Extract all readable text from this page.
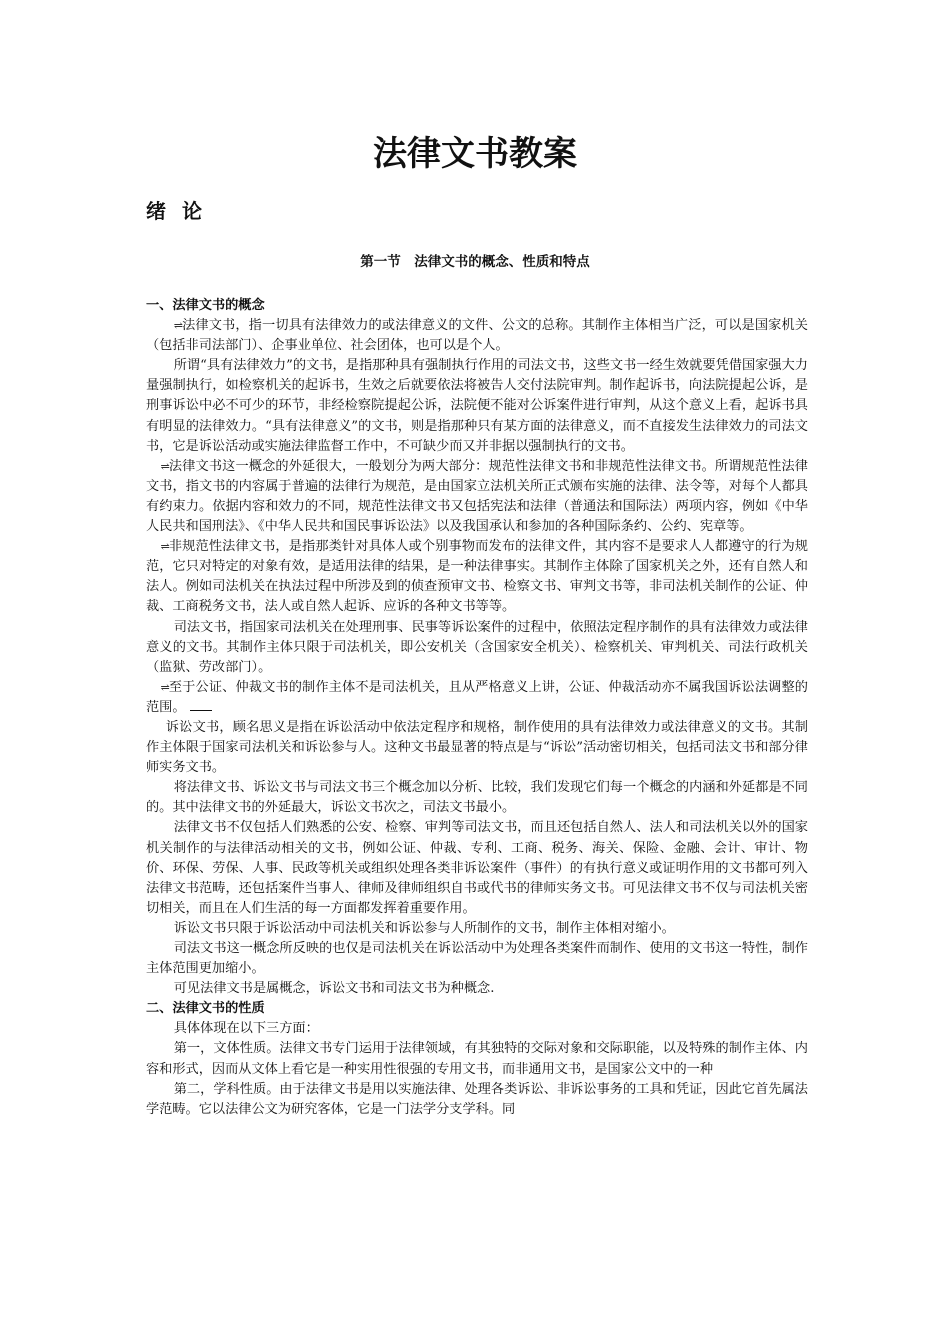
法律文书教案
绪论
第一节　法律文书的概念、性质和特点

一、法律文书的概念

⇌法律文书，指一切具有法律效力的或法律意义的文件、公文的总称。其制作主体相当广泛，可以是国家机关（包括非司法部门）、企事业单位、社会团体，也可以是个人。

所谓“具有法律效力”的文书，是指那种具有强制执行作用的司法文书，这些文书一经生效就要凭借国家强大力量强制执行，如检察机关的起诉书，生效之后就要依法将被告人交付法院审判。制作起诉书，向法院提起公诉，是刑事诉讼中必不可少的环节，非经检察院提起公诉，法院便不能对公诉案件进行审判，从这个意义上看，起诉书具有明显的法律效力。“具有法律意义”的文书，则是指那种只有某方面的法律意义，而不直接发生法律效力的司法文书，它是诉讼活动或实施法律监督工作中，不可缺少而又并非据以强制执行的文书。

⇌法律文书这一概念的外延很大，一般划分为两大部分：规范性法律文书和非规范性法律文书。所谓规范性法律文书，指文书的内容属于普遍的法律行为规范，是由国家立法机关所正式颁布实施的法律、法令等，对每个人都具有约束力。依据内容和效力的不同，规范性法律文书又包括宪法和法律（普通法和国际法）两项内容，例如《中华人民共和国刑法》、《中华人民共和国民事诉讼法》以及我国承认和参加的各种国际条约、公约、宪章等。

⇌非规范性法律文书，是指那类针对具体人或个别事物而发布的法律文件，其内容不是要求人人都遵守的行为规范，它只对特定的对象有效，是适用法律的结果，是一种法律事实。其制作主体除了国家机关之外，还有自然人和法人。例如司法机关在执法过程中所涉及到的侦查预审文书、检察文书、审判文书等，非司法机关制作的公证、仲裁、工商税务文书，法人或自然人起诉、应诉的各种文书等等。

司法文书，指国家司法机关在处理刑事、民事等诉讼案件的过程中，依照法定程序制作的具有法律效力或法律意义的文书。其制作主体只限于司法机关，即公安机关（含国家安全机关）、检察机关、审判机关、司法行政机关（监狱、劳改部门）。

⇌至于公证、仲裁文书的制作主体不是司法机关，且从严格意义上讲，公证、仲裁活动亦不属我国诉讼法调整的范围。

诉讼文书，顾名思义是指在诉讼活动中依法定程序和规格，制作使用的具有法律效力或法律意义的文书。其制作主体限于国家司法机关和诉讼参与人。这种文书最显著的特点是与“诉讼”活动密切相关，包括司法文书和部分律师实务文书。

将法律文书、诉讼文书与司法文书三个概念加以分析、比较，我们发现它们每一个概念的内涵和外延都是不同的。其中法律文书的外延最大，诉讼文书次之，司法文书最小。

法律文书不仅包括人们熟悉的公安、检察、审判等司法文书，而且还包括自然人、法人和司法机关以外的国家机关制作的与法律活动相关的文书，例如公证、仲裁、专利、工商、税务、海关、保险、金融、会计、审计、物价、环保、劳保、人事、民政等机关或组织处理各类非诉讼案件（事件）的有执行意义或证明作用的文书都可列入法律文书范畴，还包括案件当事人、律师及律师组织自书或代书的律师实务文书。可见法律文书不仅与司法机关密切相关，而且在人们生活的每一方面都发挥着重要作用。

诉讼文书只限于诉讼活动中司法机关和诉讼参与人所制作的文书，制作主体相对缩小。

司法文书这一概念所反映的也仅是司法机关在诉讼活动中为处理各类案件而制作、使用的文书这一特性，制作主体范围更加缩小。

可见法律文书是属概念，诉讼文书和司法文书为种概念.

二、法律文书的性质

具体体现在以下三方面：

第一，文体性质。法律文书专门运用于法律领域，有其独特的交际对象和交际职能，以及特殊的制作主体、内容和形式，因而从文体上看它是一种实用性很强的专用文书，而非通用文书，是国家公文中的一种

第二，学科性质。由于法律文书是用以实施法律、处理各类诉讼、非诉讼事务的工具和凭证，因此它首先属法学范畴。它以法律公文为研究客体，它是一门法学分支学科。同
